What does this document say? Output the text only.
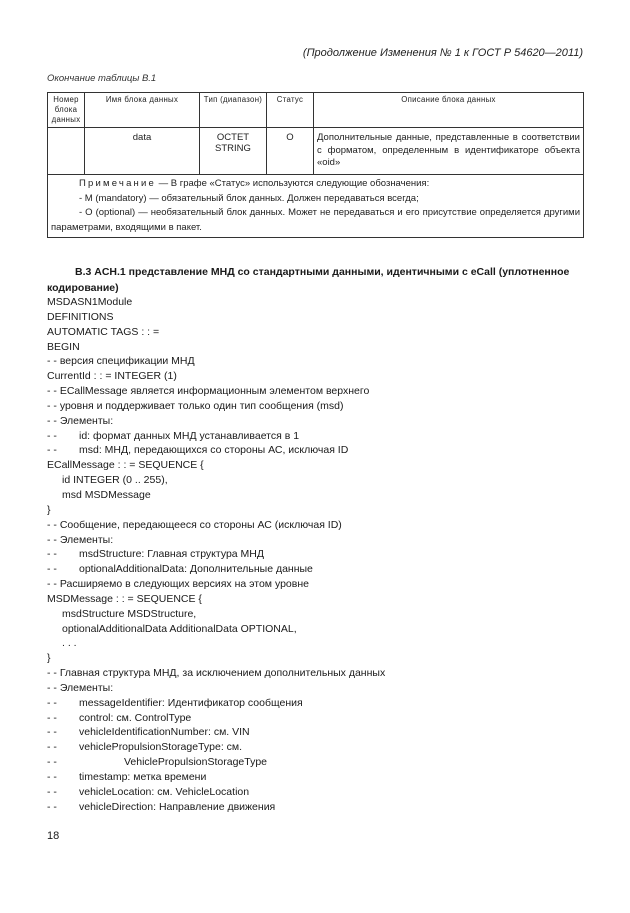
(Продолжение Изменения № 1 к ГОСТ Р 54620—2011)
Окончание таблицы В.1
Номер блока данных	Имя блока данных	Тип (диапазон)	Статус	Описание блока данных
	data	OCTET STRING	O	Дополнительные данные, представленные в соответствии с форматом, определенным в идентификаторе объекта «oid»

Примечание — В графе «Статус» используются следующие обозначения:

- M (mandatory) — обязательный блок данных. Должен передаваться всегда;

- O (optional) — необязательный блок данных. Может не передаваться и его присутствие определяется другими параметрами, входящими в пакет.				

В.3 ACH.1 представление МНД со стандартными данными, идентичными с eCall (уплотненное кодирование)
MSDASN1Module
DEFINITIONS
AUTOMATIC TAGS : : =
BEGIN
- - версия спецификации МНД
CurrentId : : = INTEGER (1)
- - ECallMessage является информационным элементом верхнего
- - уровня и поддерживает только один тип сообщения (msd)
- - Элементы:
- - id: формат данных МНД устанавливается в 1
- - msd: МНД, передающихся со стороны АС, исключая ID
ECallMessage : : = SEQUENCE {
id INTEGER (0 .. 255),
msd MSDMessage
}
- - Сообщение, передающееся со стороны АС (исключая ID)
- - Элементы:
- - msdStructure: Главная структура МНД
- - optionalAdditionalData: Дополнительные данные
- - Расширяемо в следующих версиях на этом уровне
MSDMessage : : = SEQUENCE {
msdStructure MSDStructure,
optionalAdditionalData AdditionalData OPTIONAL,
. . .
}
- - Главная структура МНД, за исключением дополнительных данных
- - Элементы:
- - messageIdentifier: Идентификатор сообщения
- - control: см. ControlType
- - vehicleIdentificationNumber: см. VIN
- - vehiclePropulsionStorageType: см.
- -	VehiclePropulsionStorageType
- - timestamp: метка времени
- - vehicleLocation: см. VehicleLocation
- - vehicleDirection: Направление движения
18
